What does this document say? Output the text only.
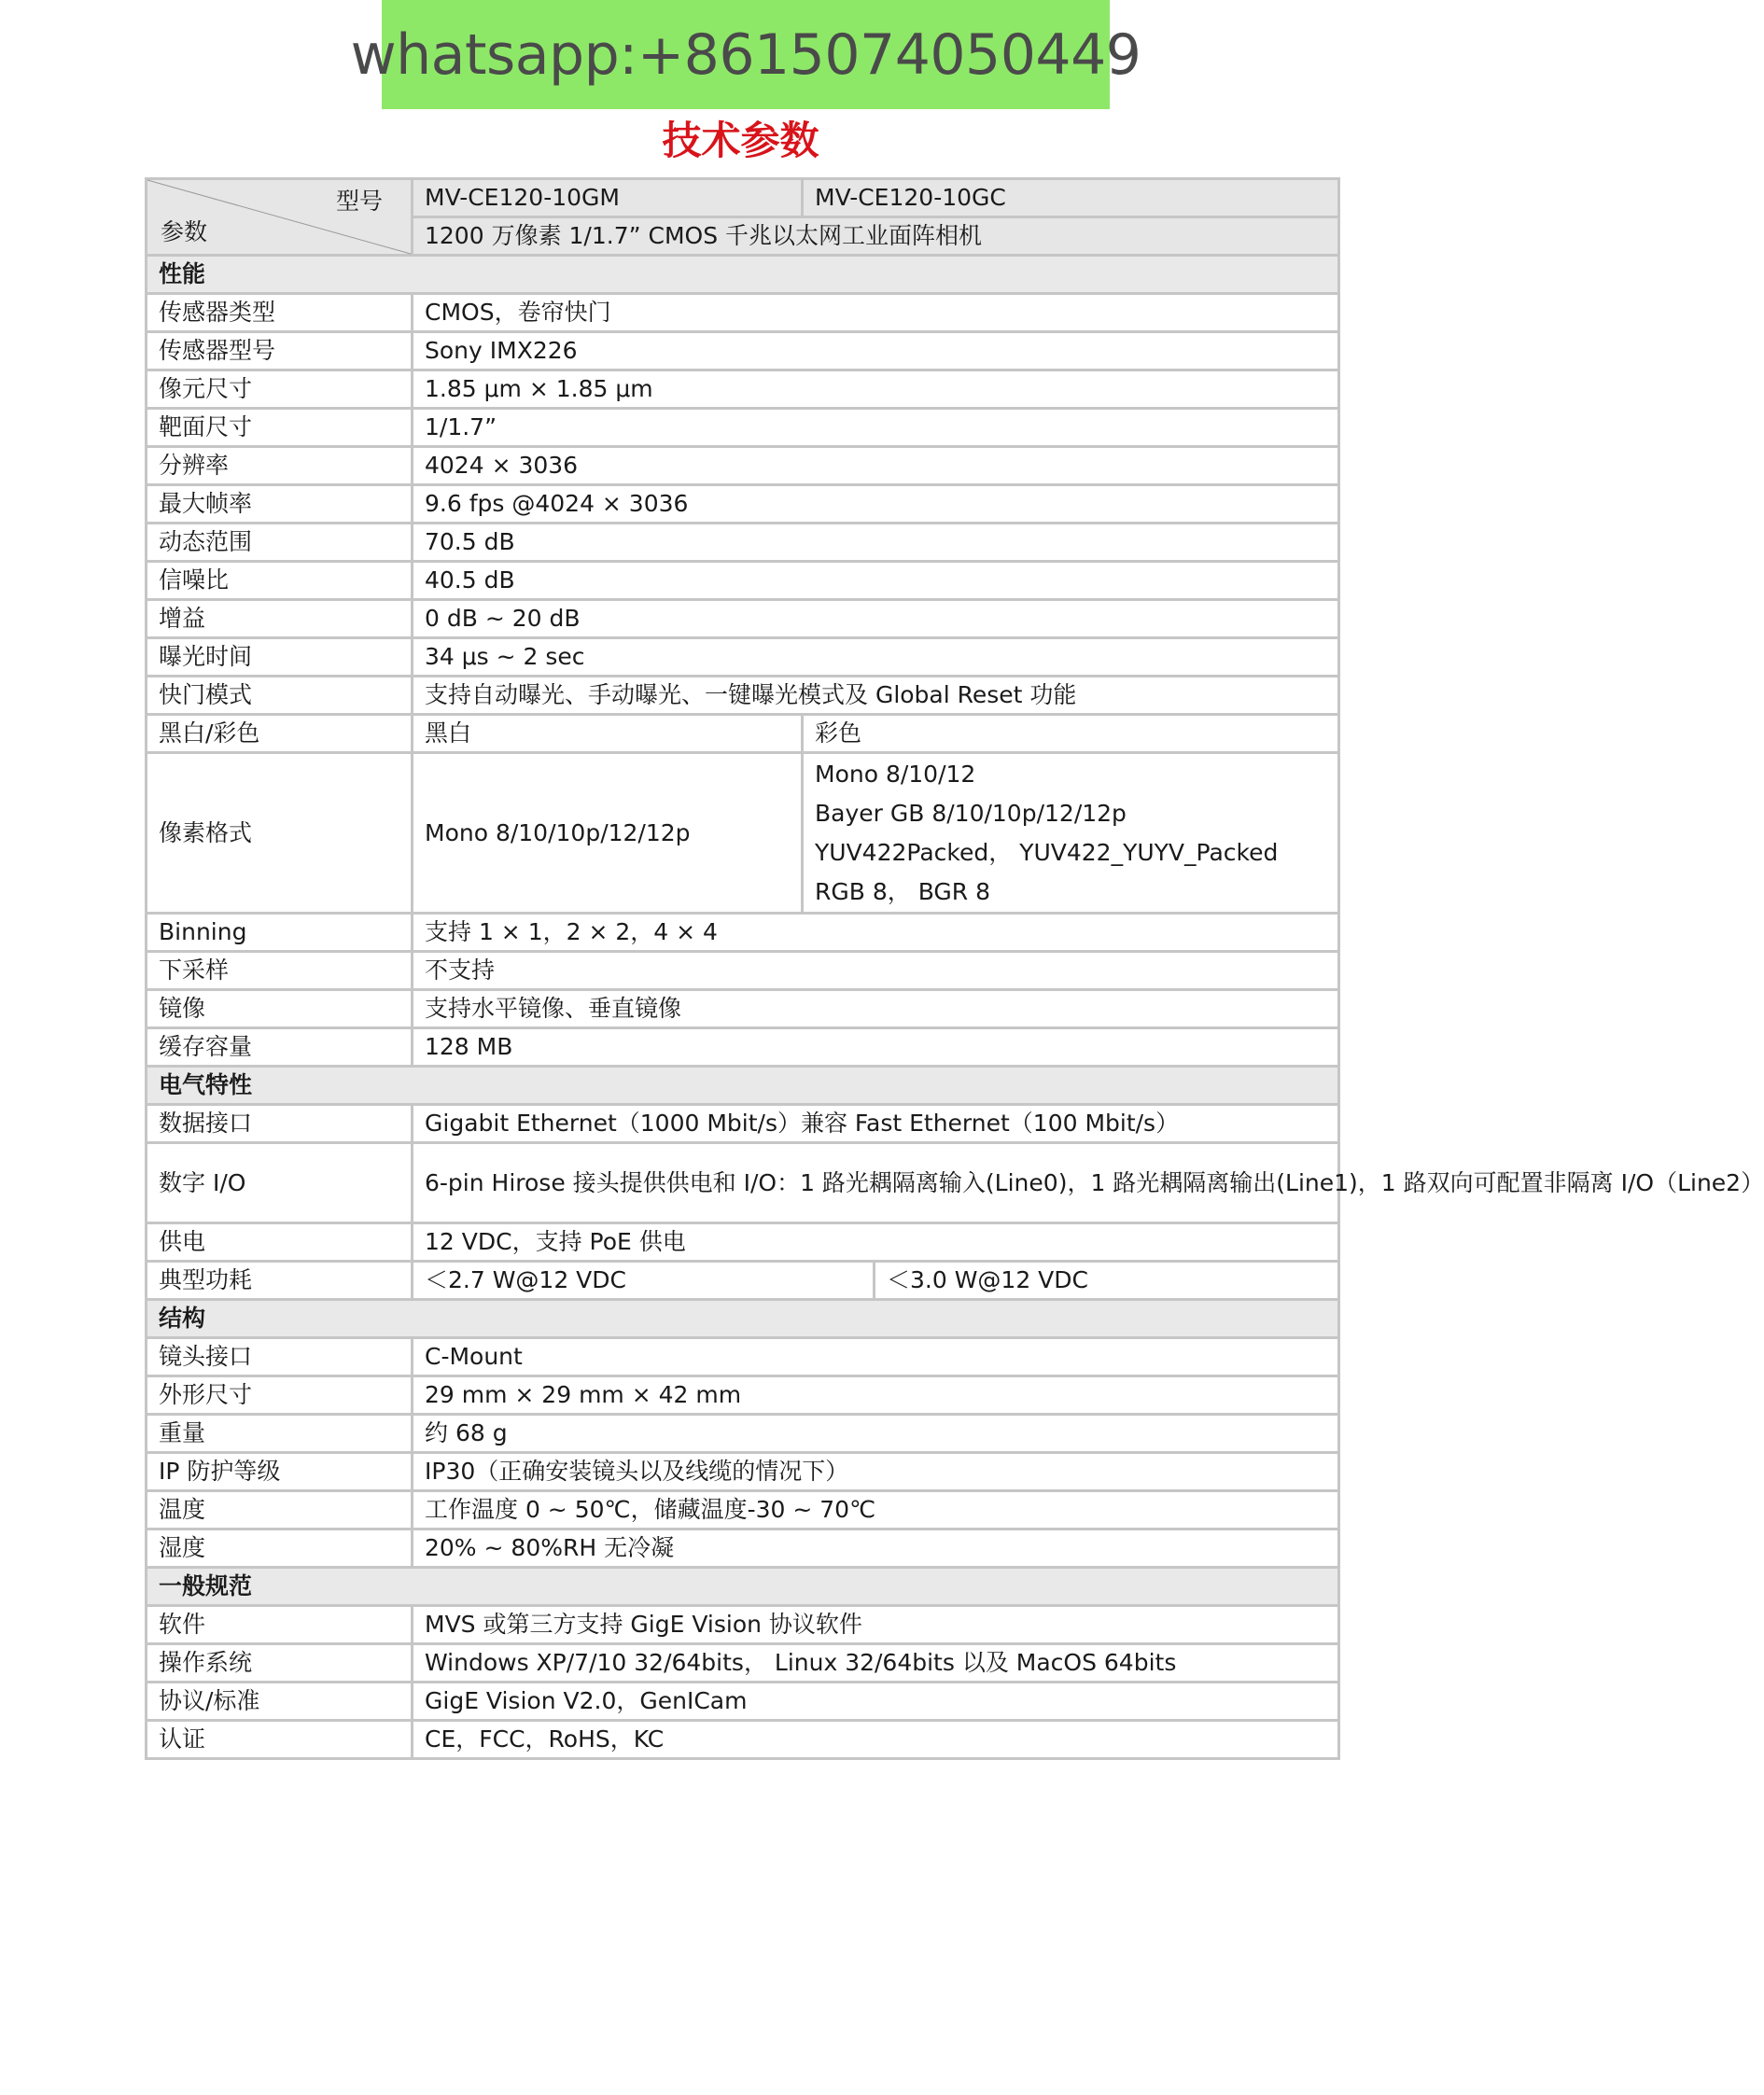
whatsapp:+8615074050449
技术参数
型号
参数	MV-CE120-10GM	MV-CE120-10GC	
	1200 万像素 1/1.7” CMOS 千兆以太网工业面阵相机		
性能			
传感器类型	CMOS，卷帘快门		
传感器型号	Sony IMX226		
像元尺寸	1.85 μm × 1.85 μm		
靶面尺寸	1/1.7”		
分辨率	4024 × 3036		
最大帧率	9.6 fps @4024 × 3036		
动态范围	70.5 dB		
信噪比	40.5 dB		
增益	0 dB ~ 20 dB		
曝光时间	34 μs ~ 2 sec		
快门模式	支持自动曝光、手动曝光、一键曝光模式及 Global Reset 功能		
黑白/彩色	黑白	彩色	
像素格式	Mono 8/10/10p/12/12p	Mono 8/10/12
Bayer GB 8/10/10p/12/12p
YUV422Packed， YUV422_YUYV_Packed
RGB 8， BGR 8	

Binning	支持 1 × 1，2 × 2，4 × 4		
下采样	不支持		
镜像	支持水平镜像、垂直镜像		
缓存容量	128 MB		
电气特性			
数据接口	Gigabit Ethernet（1000 Mbit/s）兼容 Fast Ethernet（100 Mbit/s）		
数字 I/O	6-pin Hirose 接头提供供电和 I/O：1 路光耦隔离输入(Line0)，1 路光耦隔离输出(Line1)，1 路双向可配置非隔离 I/O（Line2）		
供电	12 VDC，支持 PoE 供电		
典型功耗	＜2.7 W@12 VDC		＜3.0 W@12 VDC
结构			
镜头接口	C-Mount		
外形尺寸	29 mm × 29 mm × 42 mm		
重量	约 68 g		
IP 防护等级	IP30（正确安装镜头以及线缆的情况下）		
温度	工作温度 0 ~ 50℃，储藏温度-30 ~ 70℃		
湿度	20% ~ 80%RH 无冷凝		
一般规范			
软件	MVS 或第三方支持 GigE Vision 协议软件		
操作系统	Windows XP/7/10 32/64bits， Linux 32/64bits 以及 MacOS 64bits		
协议/标准	GigE Vision V2.0，GenICam		
认证	CE，FCC，RoHS，KC		
